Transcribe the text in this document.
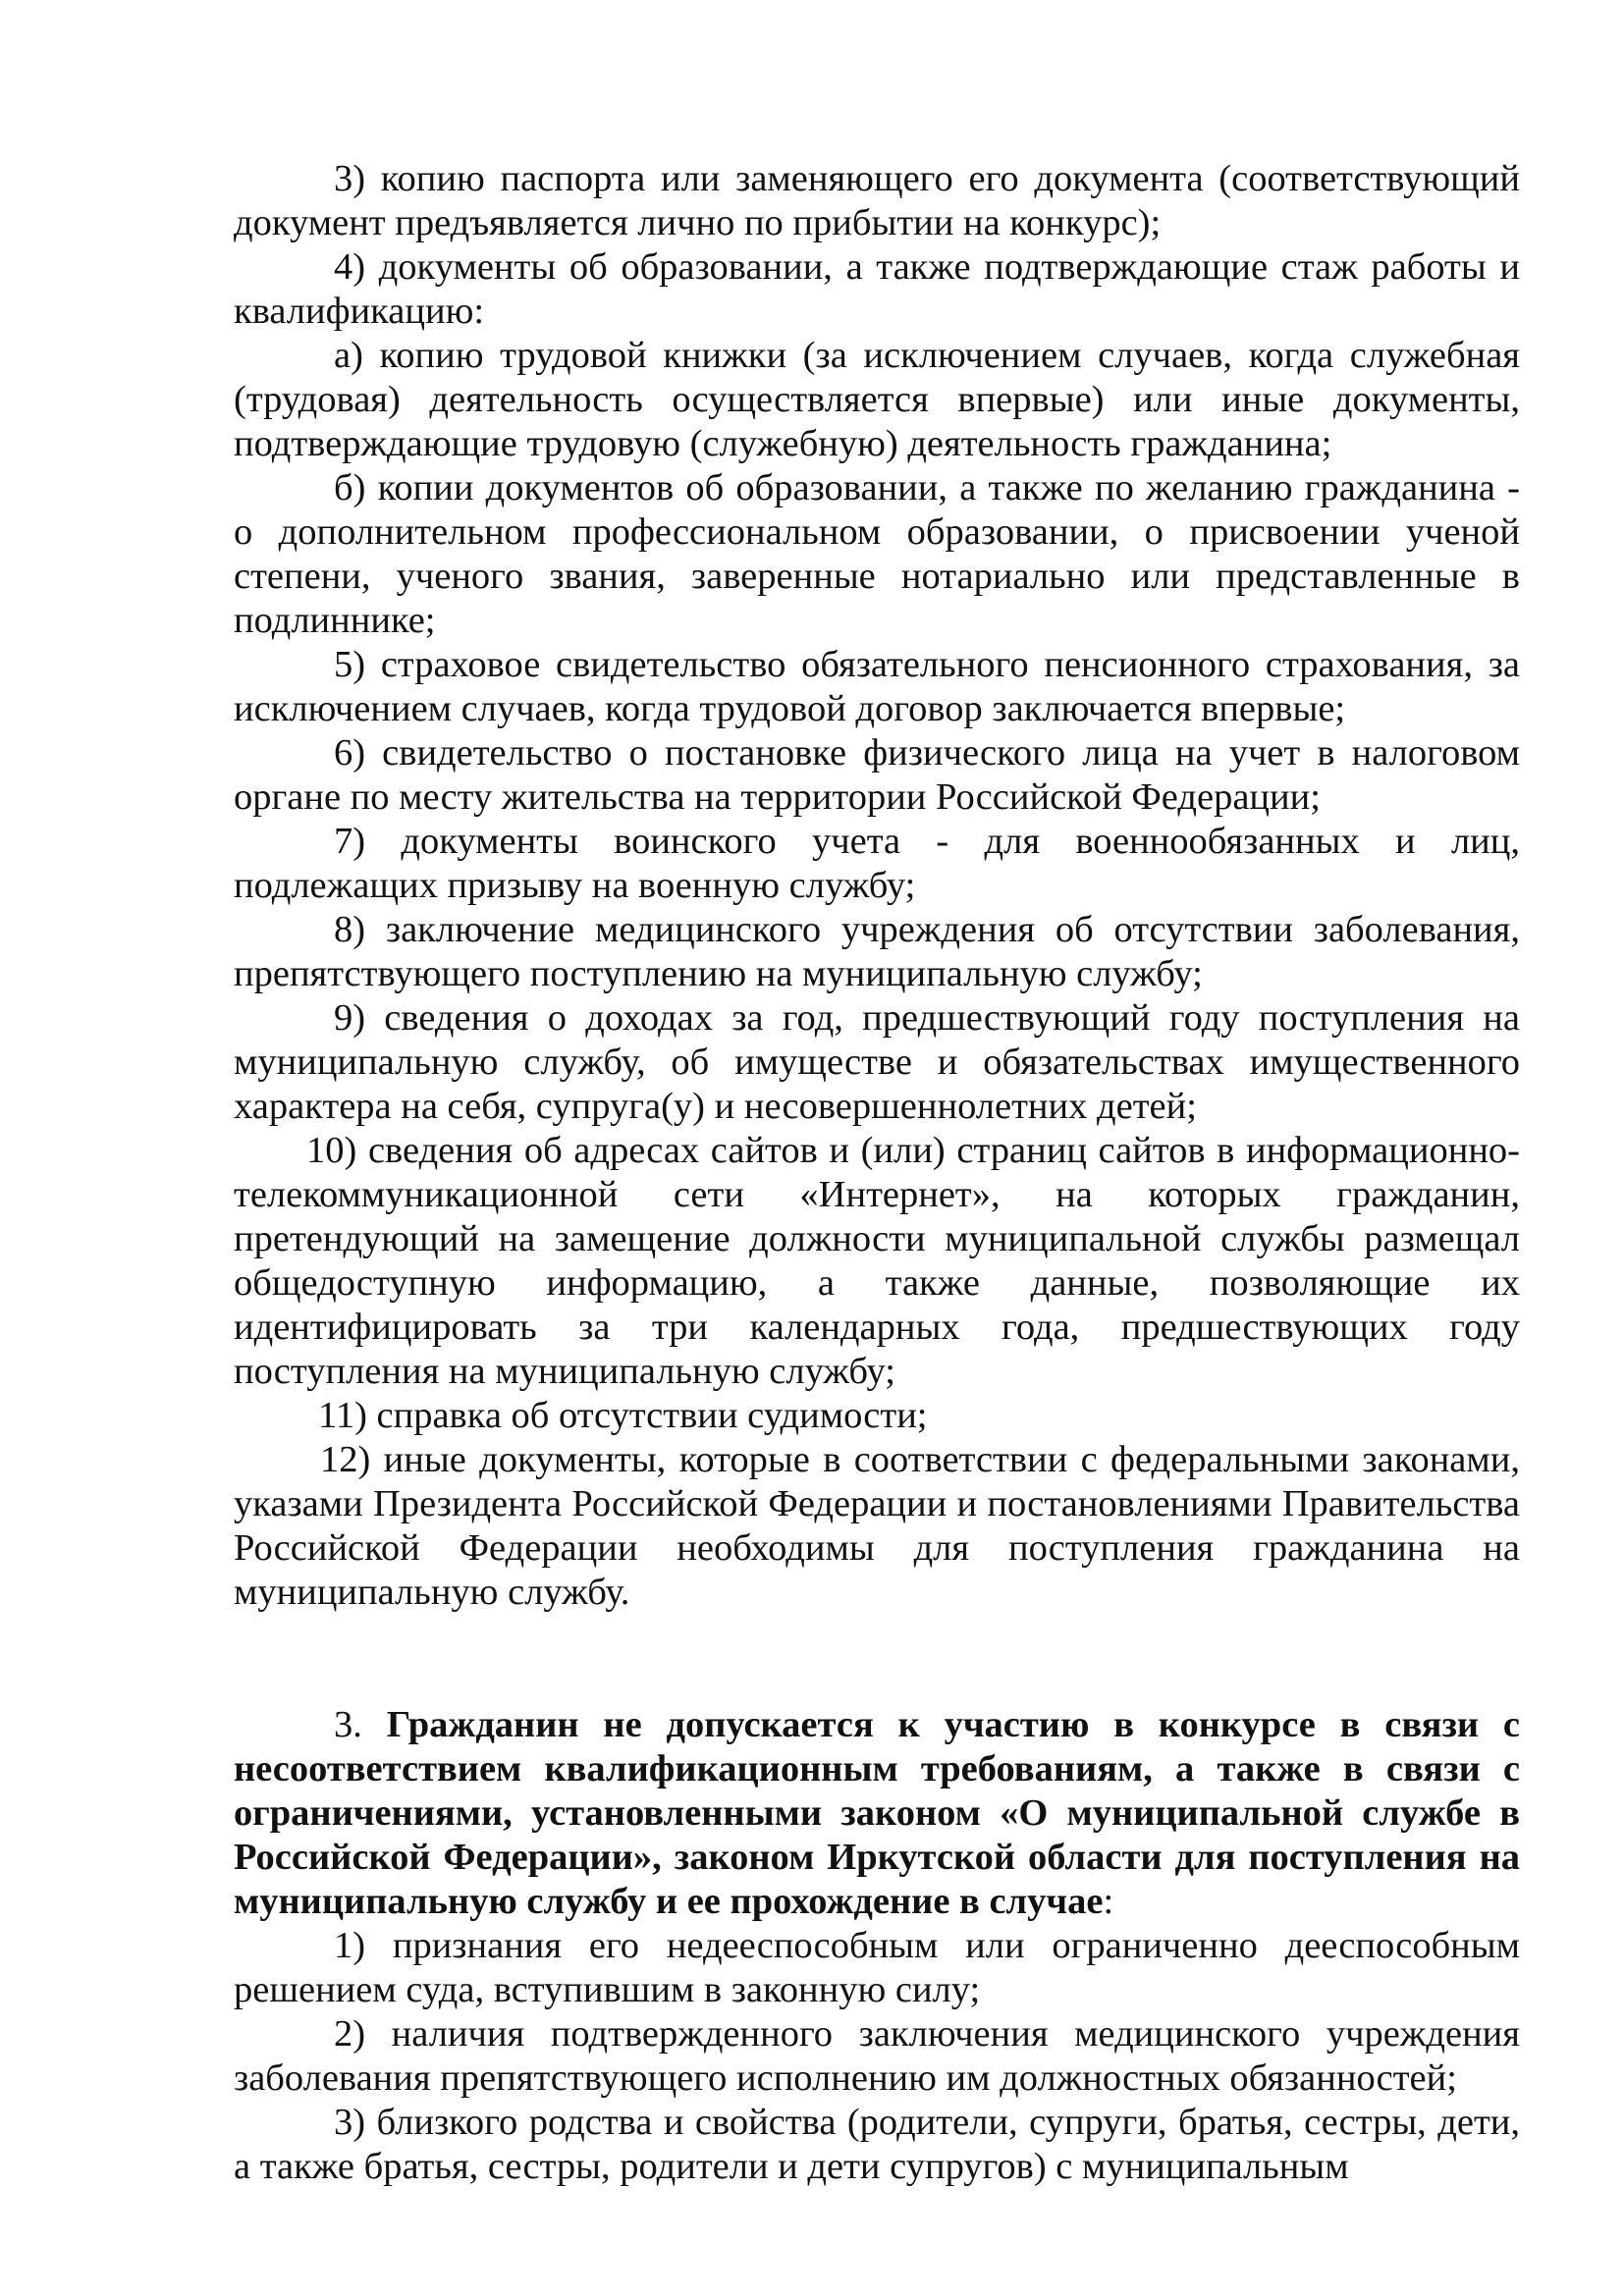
3) копию паспорта или заменяющего его документа (соответствующий документ предъявляется лично по прибытии на конкурс);

4) документы об образовании, а также подтверждающие стаж работы и квалификацию:

а) копию трудовой книжки (за исключением случаев, когда служебная (трудовая) деятельность осуществляется впервые) или иные документы, подтверждающие трудовую (служебную) деятельность гражданина;

б) копии документов об образовании, а также по желанию гражданина - о дополнительном профессиональном образовании, о присвоении ученой степени, ученого звания, заверенные нотариально или представленные в подлиннике;

5) страховое свидетельство обязательного пенсионного страхования, за исключением случаев, когда трудовой договор заключается впервые;

6) свидетельство о постановке физического лица на учет в налоговом органе по месту жительства на территории Российской Федерации;

7) документы воинского учета - для военнообязанных и лиц, подлежащих призыву на военную службу;

8) заключение медицинского учреждения об отсутствии заболевания, препятствующего поступлению на муниципальную службу;

9) сведения о доходах за год, предшествующий году поступления на муниципальную службу, об имуществе и обязательствах имущественного характера на себя, супруга(у) и несовершеннолетних детей;

10) сведения об адресах сайтов и (или) страниц сайтов в информационно-телекоммуникационной сети «Интернет», на которых гражданин, претендующий на замещение должности муниципальной службы размещал общедоступную информацию, а также данные, позволяющие их идентифицировать за три календарных года, предшествующих году поступления на муниципальную службу;

11) справка об отсутствии судимости;

12) иные документы, которые в соответствии с федеральными законами, указами Президента Российской Федерации и постановлениями Правительства Российской Федерации необходимы для поступления гражданина на муниципальную службу.

3. Гражданин не допускается к участию в конкурсе в связи с несоответствием квалификационным требованиям, а также в связи с ограничениями, установленными законом «О муниципальной службе в Российской Федерации», законом Иркутской области для поступления на муниципальную службу и ее прохождение в случае:

1) признания его недееспособным или ограниченно дееспособным решением суда, вступившим в законную силу;

2) наличия подтвержденного заключения медицинского учреждения заболевания препятствующего исполнению им должностных обязанностей;

3) близкого родства и свойства (родители, супруги, братья, сестры, дети, а также братья, сестры, родители и дети супругов) с муниципальным
